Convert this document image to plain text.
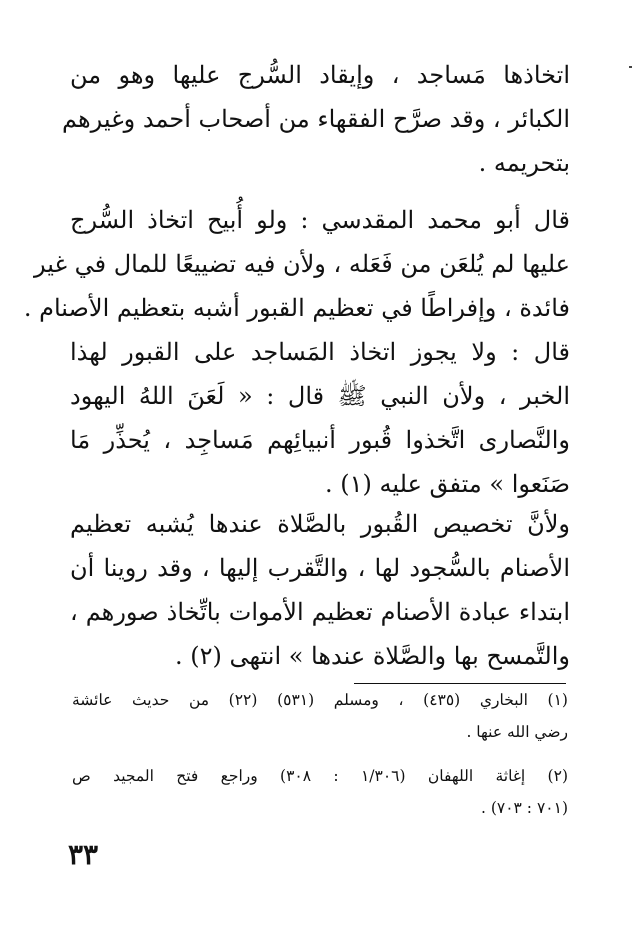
اتخاذها مَساجد ، وإيقاد السُّرج عليها وهو من
الكبائر ، وقد صرَّح الفقهاء من أصحاب أحمد وغيرهم
بتحريمه .
قال أبو محمد المقدسي : ولو أُبيح اتخاذ السُّرج
عليها لم يُلعَن من فَعَله ، ولأن فيه تضييعًا للمال في غير
فائدة ، وإفراطًا في تعظيم القبور أشبه بتعظيم الأصنام .
قال : ولا يجوز اتخاذ المَساجد على القبور لهذا
الخبر ، ولأن النبي ﷺ قال : « لَعَنَ اللهُ اليهود
والنَّصارى اتَّخذوا قُبور أنبيائِهم مَساجِد ، يُحذِّر مَا
صَنَعوا » متفق عليه (١) .
ولأنَّ تخصيص القُبور بالصَّلاة عندها يُشبه تعظيم
الأصنام بالسُّجود لها ، والتَّقرب إليها ، وقد روينا أن
ابتداء عبادة الأصنام تعظيم الأموات باتِّخاذ صورهم ،
والتَّمسح بها والصَّلاة عندها » انتهى (٢) .
(١) البخاري (٤٣٥) ، ومسلم (٥٣١) (٢٢) من حديث عائشة
رضي الله عنها .
(٢) إغاثة اللهفان (١/٣٠٦ : ٣٠٨) وراجع فتح المجيد ص
(٧٠١ : ٧٠٣) .
٣٣
